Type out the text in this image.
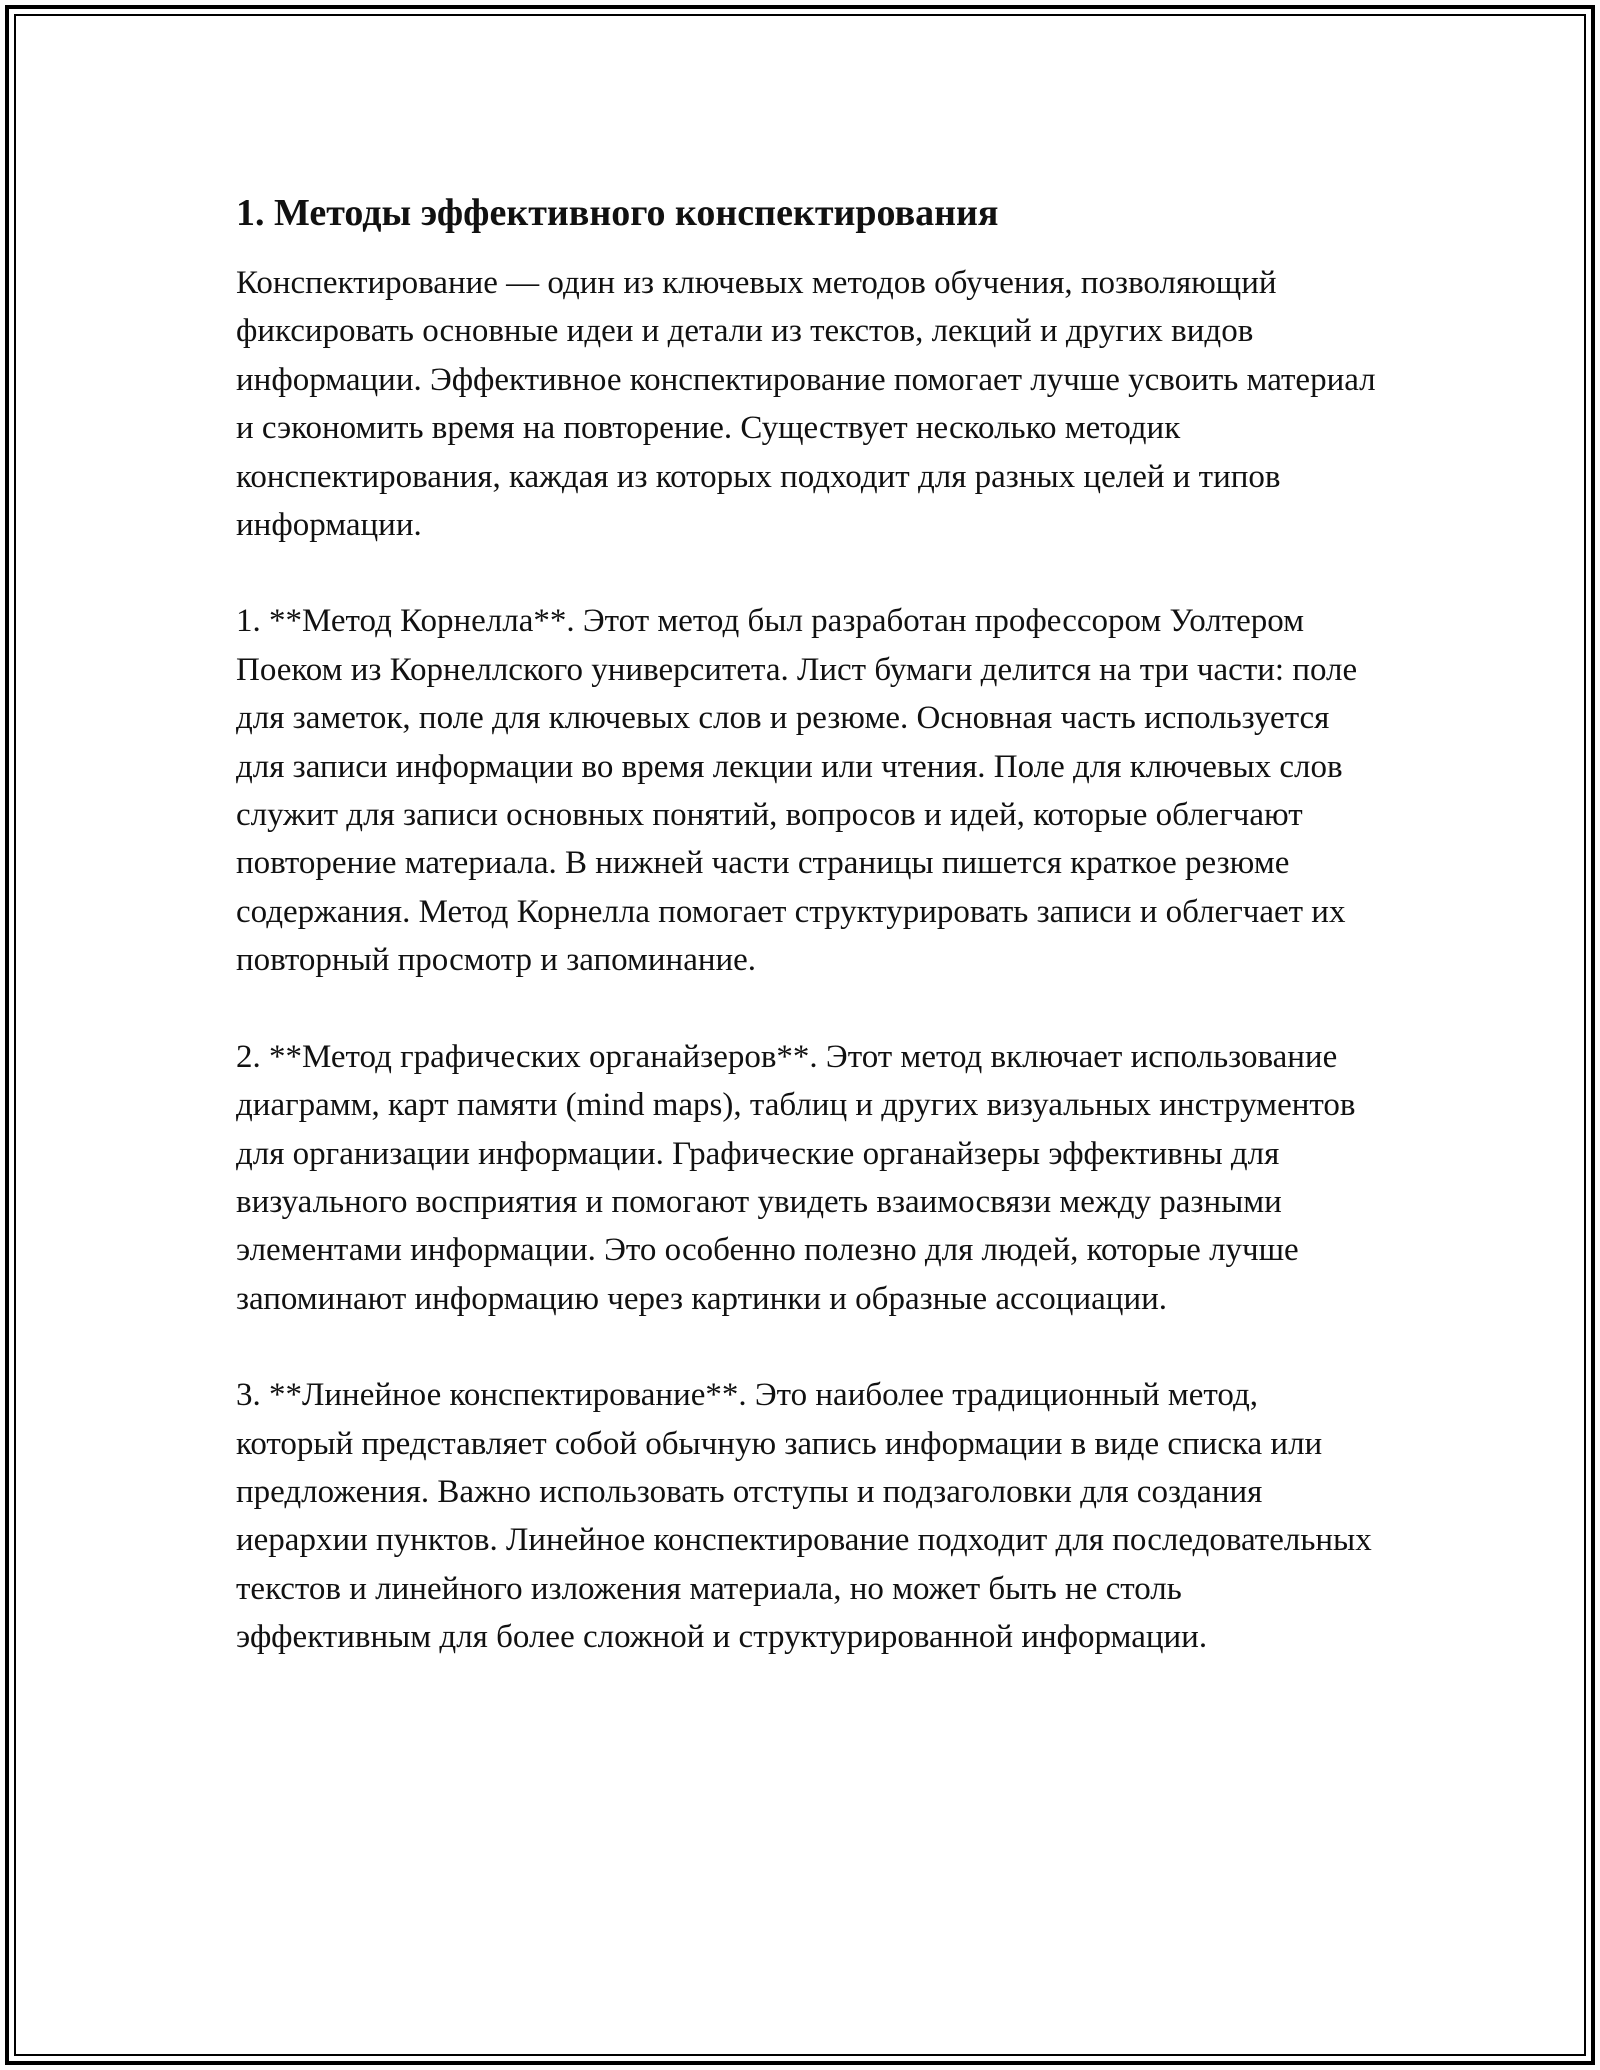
1. Методы эффективного конспектирования

Конспектирование — один из ключевых методов обучения, позволяющий фиксировать основные идеи и детали из текстов, лекций и других видов информации. Эффективное конспектирование помогает лучше усвоить материал и сэкономить время на повторение. Существует несколько методик конспектирования, каждая из которых подходит для разных целей и типов информации.

1. **Метод Корнелла**. Этот метод был разработан профессором Уолтером Поеком из Корнеллского университета. Лист бумаги делится на три части: поле для заметок, поле для ключевых слов и резюме. Основная часть используется для записи информации во время лекции или чтения. Поле для ключевых слов служит для записи основных понятий, вопросов и идей, которые облегчают повторение материала. В нижней части страницы пишется краткое резюме содержания. Метод Корнелла помогает структурировать записи и облегчает их повторный просмотр и запоминание.

2. **Метод графических органайзеров**. Этот метод включает использование диаграмм, карт памяти (mind maps), таблиц и других визуальных инструментов для организации информации. Графические органайзеры эффективны для визуального восприятия и помогают увидеть взаимосвязи между разными элементами информации. Это особенно полезно для людей, которые лучше запоминают информацию через картинки и образные ассоциации.

3. **Линейное конспектирование**. Это наиболее традиционный метод, который представляет собой обычную запись информации в виде списка или предложения. Важно использовать отступы и подзаголовки для создания иерархии пунктов. Линейное конспектирование подходит для последовательных текстов и линейного изложения материала, но может быть не столь эффективным для более сложной и структурированной информации.
